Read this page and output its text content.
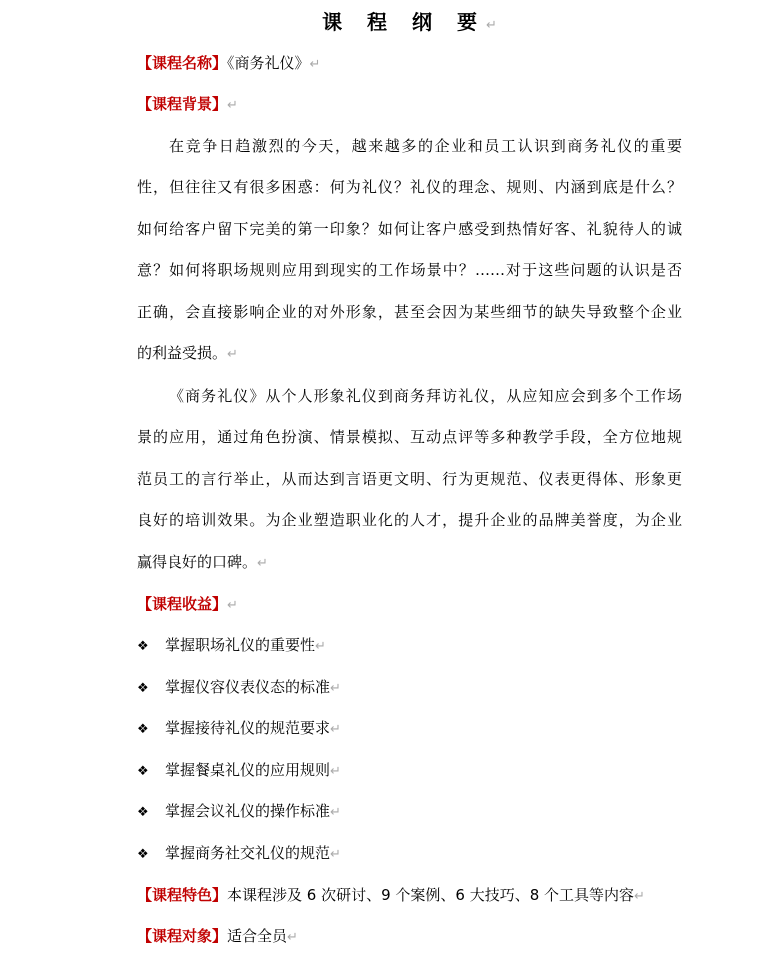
课 程 纲 要↵
【课程名称】《商务礼仪》↵
【课程背景】↵
在竞争日趋激烈的今天，越来越多的企业和员工认识到商务礼仪的重要
性，但往往又有很多困惑：何为礼仪？礼仪的理念、规则、内涵到底是什么？
如何给客户留下完美的第一印象？如何让客户感受到热情好客、礼貌待人的诚
意？如何将职场规则应用到现实的工作场景中？……对于这些问题的认识是否
正确，会直接影响企业的对外形象，甚至会因为某些细节的缺失导致整个企业
的利益受损。↵
《商务礼仪》从个人形象礼仪到商务拜访礼仪，从应知应会到多个工作场
景的应用，通过角色扮演、情景模拟、互动点评等多种教学手段，全方位地规
范员工的言行举止，从而达到言语更文明、行为更规范、仪表更得体、形象更
良好的培训效果。为企业塑造职业化的人才，提升企业的品牌美誉度，为企业
赢得良好的口碑。↵
【课程收益】↵
❖ 掌握职场礼仪的重要性↵
❖ 掌握仪容仪表仪态的标准↵
❖ 掌握接待礼仪的规范要求↵
❖ 掌握餐桌礼仪的应用规则↵
❖ 掌握会议礼仪的操作标准↵
❖ 掌握商务社交礼仪的规范↵
【课程特色】本课程涉及 6 次研讨、9 个案例、6 大技巧、8 个工具等内容↵
【课程对象】适合全员↵
